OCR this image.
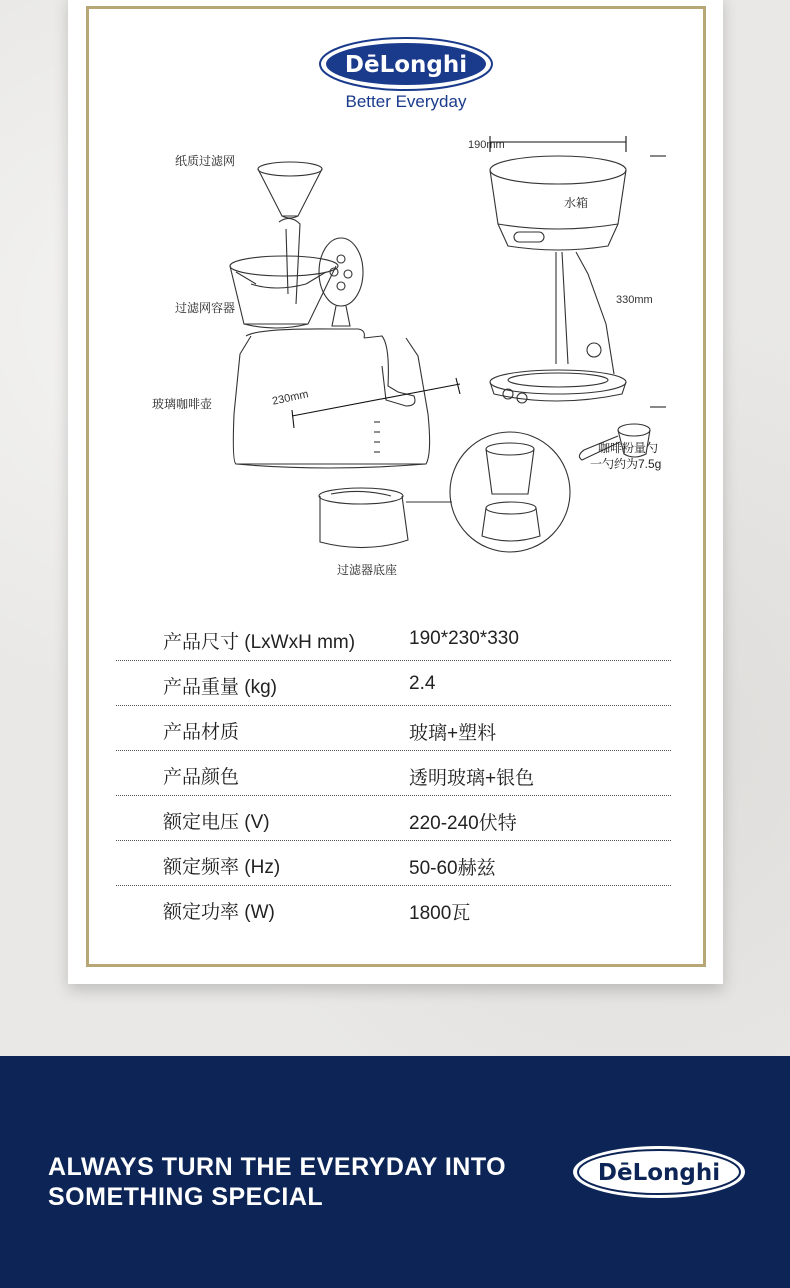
DēLonghi
Better Everyday
纸质过滤网
过滤网容器
玻璃咖啡壶
水箱
咖啡粉量勺
一勺约为7.5g
过滤器底座
190mm
330mm
230mm
产品尺寸 (LxWxH mm)	190*230*330
产品重量 (kg)	2.4
产品材质	玻璃+塑料
产品颜色	透明玻璃+银色
额定电压 (V)	220-240伏特
额定频率 (Hz)	50-60赫兹
额定功率 (W)	1800瓦
ALWAYS TURN THE EVERYDAY INTO
SOMETHING SPECIAL
DēLonghi
